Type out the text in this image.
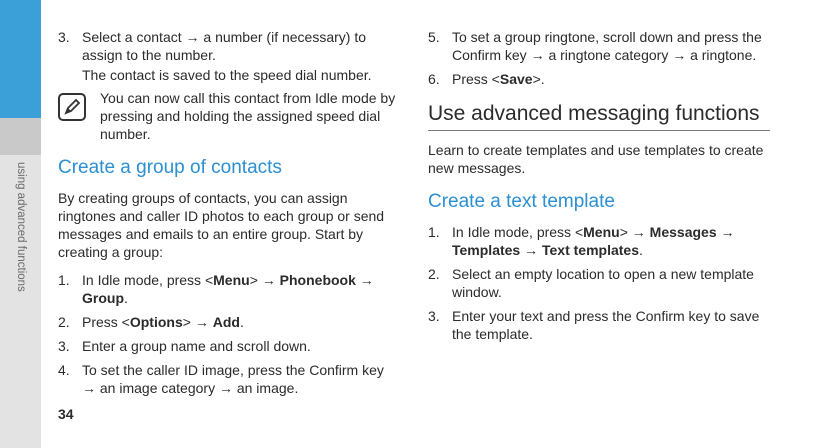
using advanced functions
3. Select a contact → a number (if necessary) to assign to the number.
The contact is saved to the speed dial number.
You can now call this contact from Idle mode by pressing and holding the assigned speed dial number.
Create a group of contacts
By creating groups of contacts, you can assign ringtones and caller ID photos to each group or send messages and emails to an entire group. Start by creating a group:
1. In Idle mode, press <Menu> → Phonebook → Group.
2. Press <Options> → Add.
3. Enter a group name and scroll down.
4. To set the caller ID image, press the Confirm key → an image category → an image.
5. To set a group ringtone, scroll down and press the Confirm key → a ringtone category → a ringtone.
6. Press <Save>.
Use advanced messaging functions
Learn to create templates and use templates to create new messages.
Create a text template
1. In Idle mode, press <Menu> → Messages → Templates → Text templates.
2. Select an empty location to open a new template window.
3. Enter your text and press the Confirm key to save the template.
34
